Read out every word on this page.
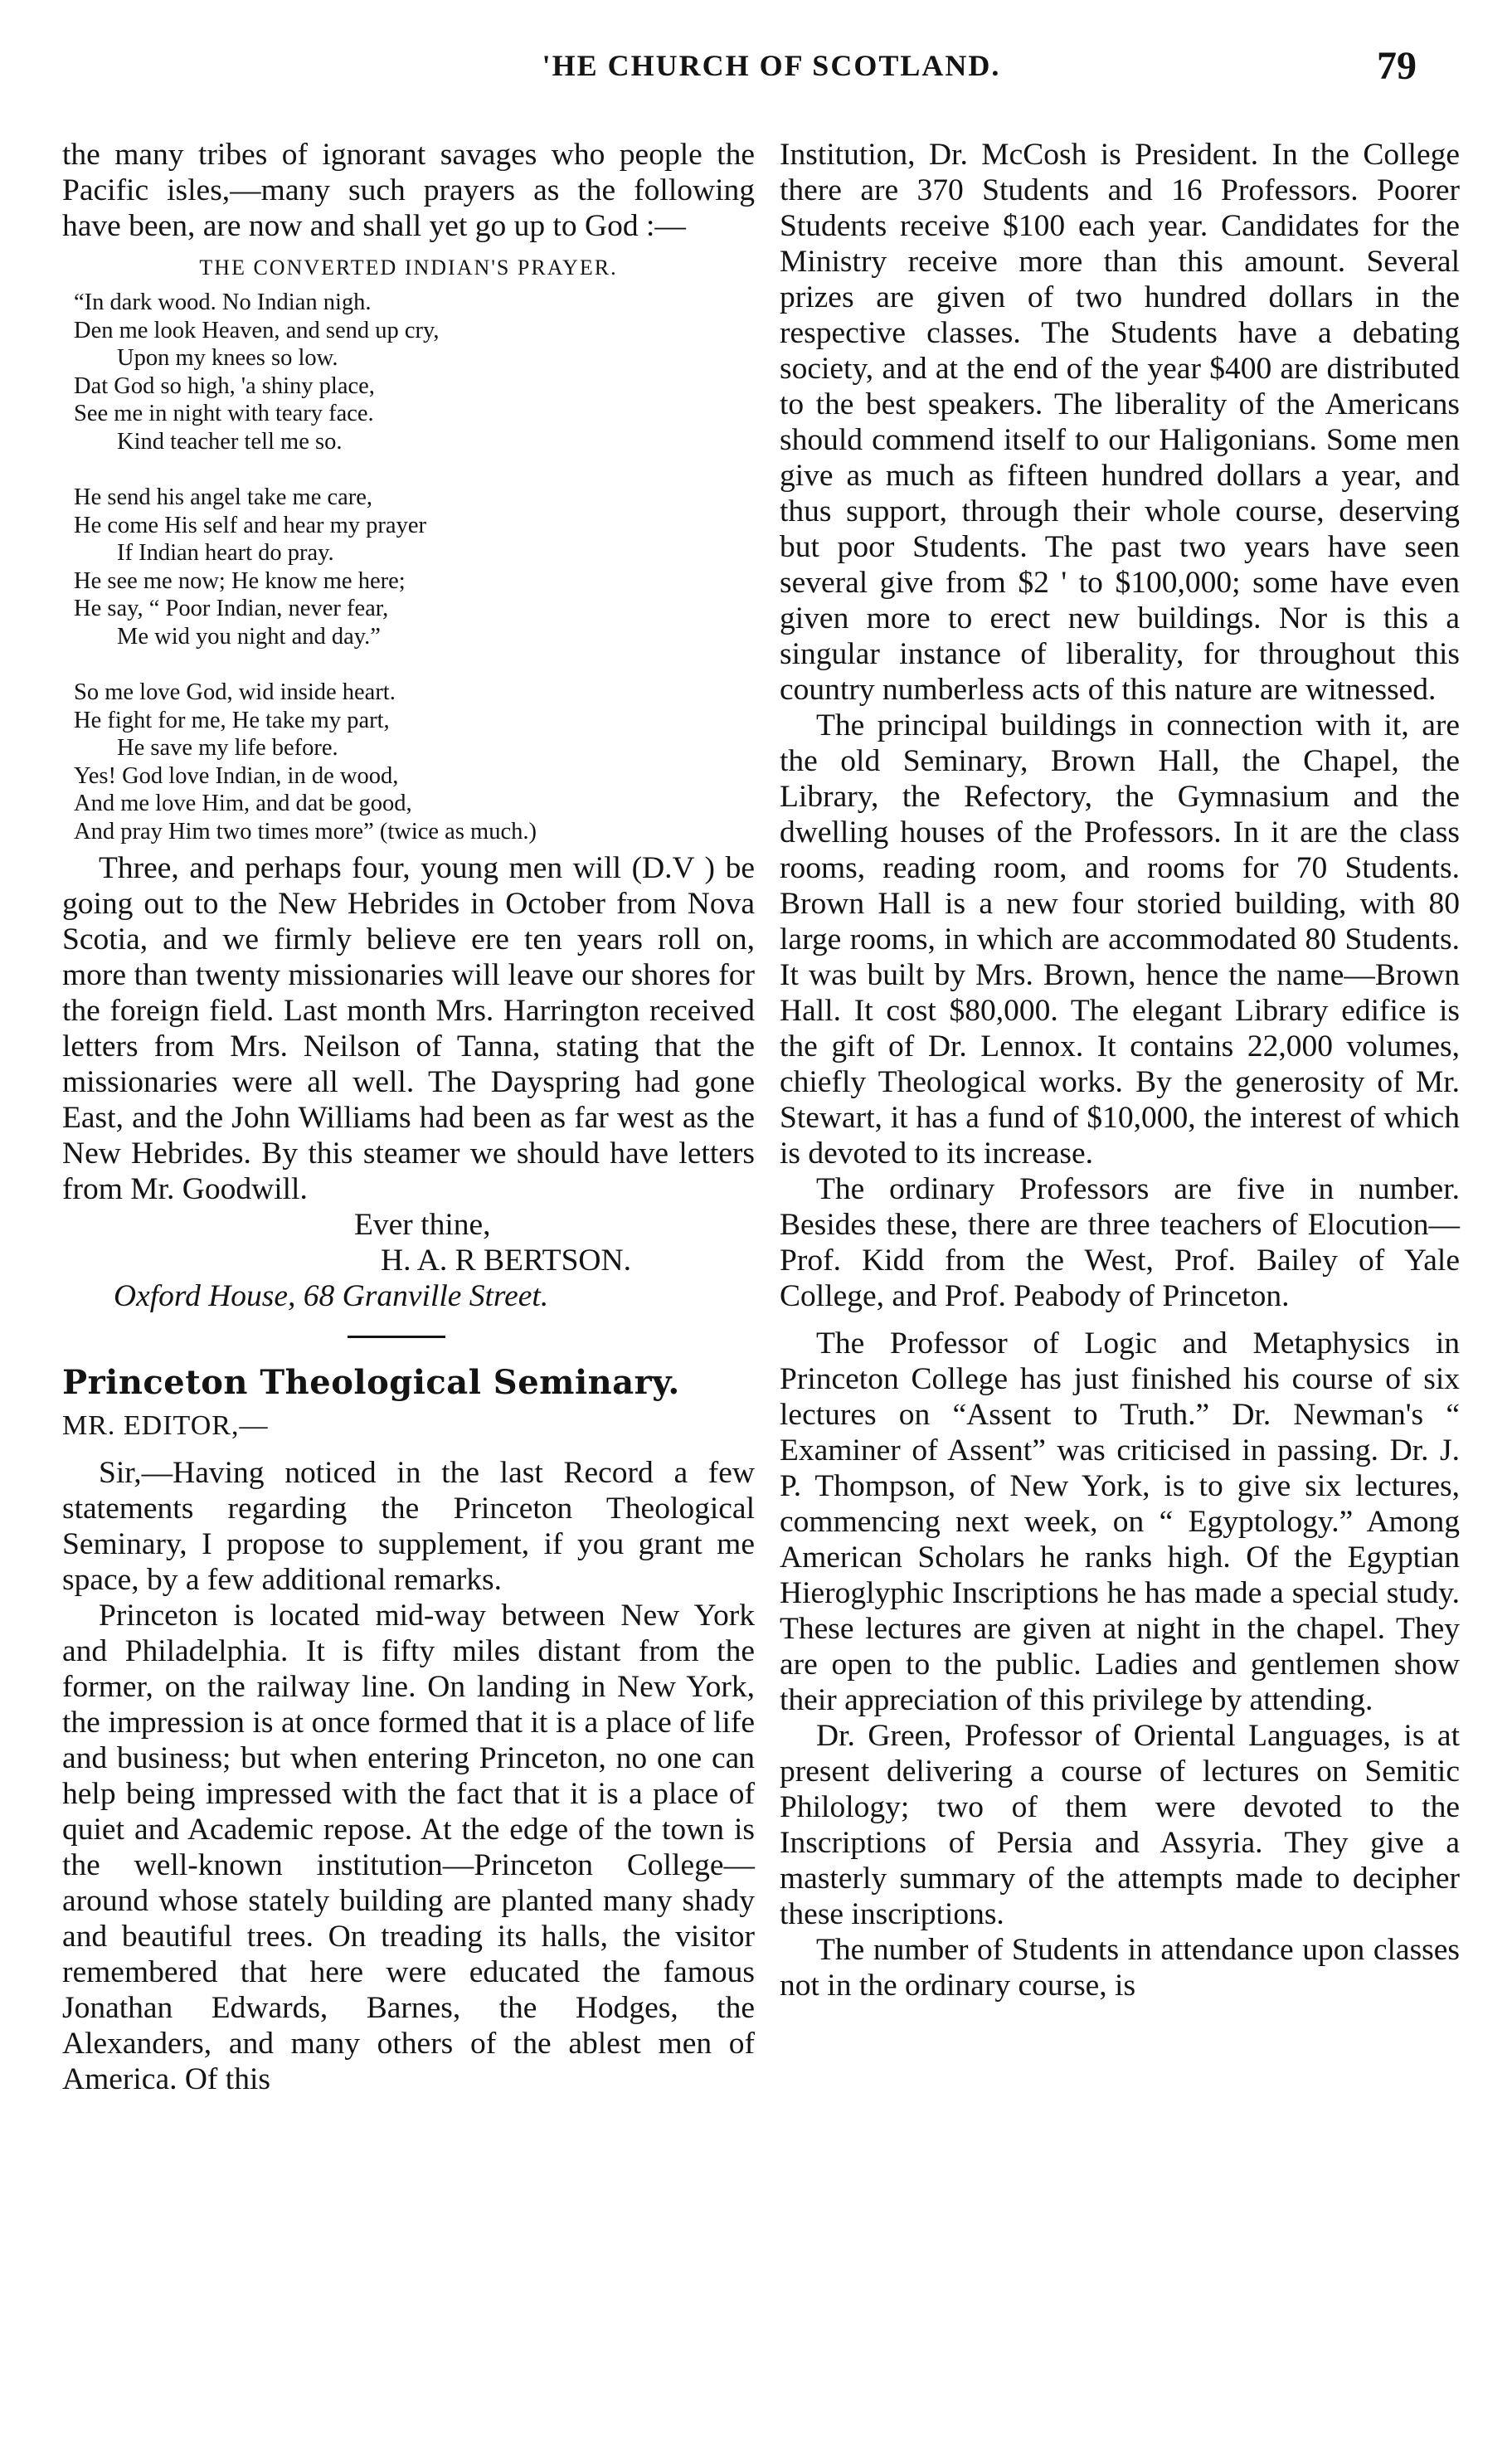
'HE CHURCH OF SCOTLAND.	79

the many tribes of ignorant savages who people the Pacific isles,—many such prayers as the following have been, are now and shall yet go up to God :—

THE CONVERTED INDIAN'S PRAYER.
“In dark wood. No Indian nigh.
Den me look Heaven, and send up cry,
Upon my knees so low.
Dat God so high, 'a shiny place,
See me in night with teary face.
Kind teacher tell me so.
He send his angel take me care,
He come His self and hear my prayer
If Indian heart do pray.
He see me now; He know me here;
He say, “ Poor Indian, never fear,
Me wid you night and day.”
So me love God, wid inside heart.
He fight for me, He take my part,
He save my life before.
Yes! God love Indian, in de wood,
And me love Him, and dat be good,
And pray Him two times more” (twice as much.)

Three, and perhaps four, young men will (D.V ) be going out to the New Hebrides in October from Nova Scotia, and we firmly believe ere ten years roll on, more than twenty missionaries will leave our shores for the foreign field. Last month Mrs. Harrington received letters from Mrs. Neilson of Tanna, stating that the missionaries were all well. The Dayspring had gone East, and the John Williams had been as far west as the New Hebrides. By this steamer we should have letters from Mr. Goodwill.

Ever thine,
H. A. R BERTSON.
Oxford House, 68 Granville Street.
Princeton Theological Seminary.
MR. EDITOR,—

Sir,—Having noticed in the last Record a few statements regarding the Princeton Theological Seminary, I propose to supplement, if you grant me space, by a few additional remarks.

Princeton is located mid-way between New York and Philadelphia. It is fifty miles distant from the former, on the railway line. On landing in New York, the impression is at once formed that it is a place of life and business; but when entering Princeton, no one can help being impressed with the fact that it is a place of quiet and Academic repose. At the edge of the town is the well-known institution—Princeton College—around whose stately building are planted many shady and beautiful trees. On treading its halls, the visitor remembered that here were educated the famous Jonathan Edwards, Barnes, the Hodges, the Alexanders, and many others of the ablest men of America. Of this

Institution, Dr. McCosh is President. In the College there are 370 Students and 16 Professors. Poorer Students receive $100 each year. Candidates for the Ministry receive more than this amount. Several prizes are given of two hundred dollars in the respective classes. The Students have a debating society, and at the end of the year $400 are distributed to the best speakers. The liberality of the Americans should commend itself to our Haligonians. Some men give as much as fifteen hundred dollars a year, and thus support, through their whole course, deserving but poor Students. The past two years have seen several give from $2 ' to $100,000; some have even given more to erect new buildings. Nor is this a singular instance of liberality, for throughout this country numberless acts of this nature are witnessed.

The principal buildings in connection with it, are the old Seminary, Brown Hall, the Chapel, the Library, the Refectory, the Gymnasium and the dwelling houses of the Professors. In it are the class rooms, reading room, and rooms for 70 Students. Brown Hall is a new four storied building, with 80 large rooms, in which are accommodated 80 Students. It was built by Mrs. Brown, hence the name—Brown Hall. It cost $80,000. The elegant Library edifice is the gift of Dr. Lennox. It contains 22,000 volumes, chiefly Theological works. By the generosity of Mr. Stewart, it has a fund of $10,000, the interest of which is devoted to its increase.

The ordinary Professors are five in number. Besides these, there are three teachers of Elocution—Prof. Kidd from the West, Prof. Bailey of Yale College, and Prof. Peabody of Princeton.

The Professor of Logic and Metaphysics in Princeton College has just finished his course of six lectures on “Assent to Truth.” Dr. Newman's “ Examiner of Assent” was criticised in passing. Dr. J. P. Thompson, of New York, is to give six lectures, commencing next week, on “ Egyptology.” Among American Scholars he ranks high. Of the Egyptian Hieroglyphic Inscriptions he has made a special study. These lectures are given at night in the chapel. They are open to the public. Ladies and gentlemen show their appreciation of this privilege by attending.

Dr. Green, Professor of Oriental Languages, is at present delivering a course of lectures on Semitic Philology; two of them were devoted to the Inscriptions of Persia and Assyria. They give a masterly summary of the attempts made to decipher these inscriptions.

The number of Students in attendance upon classes not in the ordinary course, is
